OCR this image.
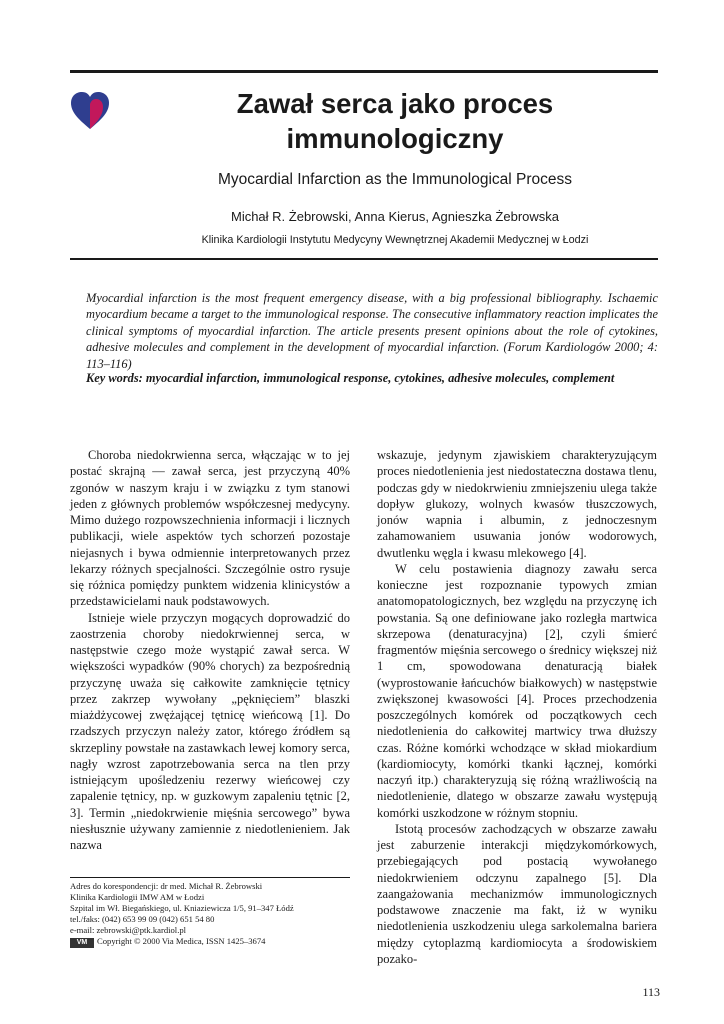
Zawał serca jako proces immunologiczny
Myocardial Infarction as the Immunological Process
Michał R. Żebrowski, Anna Kierus, Agnieszka Żebrowska
Klinika Kardiologii Instytutu Medycyny Wewnętrznej Akademii Medycznej w Łodzi
Myocardial infarction is the most frequent emergency disease, with a big professional bibliography. Ischaemic myocardium became a target to the immunological response. The consecutive inflammatory reaction implicates the clinical symptoms of myocardial infarction. The article presents present opinions about the role of cytokines, adhesive molecules and complement in the development of myocardial infarction. (Forum Kardiologów 2000; 4: 113–116)
Key words: myocardial infarction, immunological response, cytokines, adhesive molecules, complement

Choroba niedokrwienna serca, włączając w to jej postać skrajną — zawał serca, jest przyczyną 40% zgonów w naszym kraju i w związku z tym stanowi jeden z głównych problemów współczesnej medycyny. Mimo dużego rozpowszechnienia informacji i licznych publikacji, wiele aspektów tych schorzeń pozostaje niejasnych i bywa odmiennie interpretowanych przez lekarzy różnych specjalności. Szczególnie ostro rysuje się różnica pomiędzy punktem widzenia klinicystów a przedstawicielami nauk podstawowych.

Istnieje wiele przyczyn mogących doprowadzić do zaostrzenia choroby niedokrwiennej serca, w następstwie czego może wystąpić zawał serca. W większości wypadków (90% chorych) za bezpośrednią przyczynę uważa się całkowite zamknięcie tętnicy przez zakrzep wywołany „pęknięciem” blaszki miażdżycowej zwężającej tętnicę wieńcową [1]. Do rzadszych przyczyn należy zator, którego źródłem są skrzepliny powstałe na zastawkach lewej komory serca, nagły wzrost zapotrzebowania serca na tlen przy istniejącym upośledzeniu rezerwy wieńcowej czy zapalenie tętnicy, np. w guzkowym zapaleniu tętnic [2, 3]. Termin „niedokrwienie mięśnia sercowego” bywa niesłusznie używany zamiennie z niedotlenieniem. Jak nazwa

wskazuje, jedynym zjawiskiem charakteryzującym proces niedotlenienia jest niedostateczna dostawa tlenu, podczas gdy w niedokrwieniu zmniejszeniu ulega także dopływ glukozy, wolnych kwasów tłuszczowych, jonów wapnia i albumin, z jednoczesnym zahamowaniem usuwania jonów wodorowych, dwutlenku węgla i kwasu mlekowego [4].

W celu postawienia diagnozy zawału serca konieczne jest rozpoznanie typowych zmian anatomopatologicznych, bez względu na przyczynę ich powstania. Są one definiowane jako rozległa martwica skrzepowa (denaturacyjna) [2], czyli śmierć fragmentów mięśnia sercowego o średnicy większej niż 1 cm, spowodowana denaturacją białek (wyprostowanie łańcuchów białkowych) w następstwie zwiększonej kwasowości [4]. Proces przechodzenia poszczególnych komórek od początkowych cech niedotlenienia do całkowitej martwicy trwa dłuższy czas. Różne komórki wchodzące w skład miokardium (kardiomiocyty, komórki tkanki łącznej, komórki naczyń itp.) charakteryzują się różną wrażliwością na niedotlenienie, dlatego w obszarze zawału występują komórki uszkodzone w różnym stopniu.

Istotą procesów zachodzących w obszarze zawału jest zaburzenie interakcji międzykomórkowych, przebiegających pod postacią wywołanego niedokrwieniem odczynu zapalnego [5]. Dla zaangażowania mechanizmów immunologicznych podstawowe znaczenie ma fakt, iż w wyniku niedotlenienia uszkodzeniu ulega sarkolemalna bariera między cytoplazmą kardiomiocyta a środowiskiem pozako-

Adres do korespondencji: dr med. Michał R. Żebrowski
Klinika Kardiologii IMW AM w Łodzi
Szpital im Wł. Biegańskiego, ul. Kniaziewicza 1/5, 91–347 Łódź
tel./faks: (042) 653 99 09 (042) 651 54 80
e-mail: zebrowski@ptk.kardiol.pl
VM Copyright © 2000 Via Medica, ISSN 1425–3674
113
